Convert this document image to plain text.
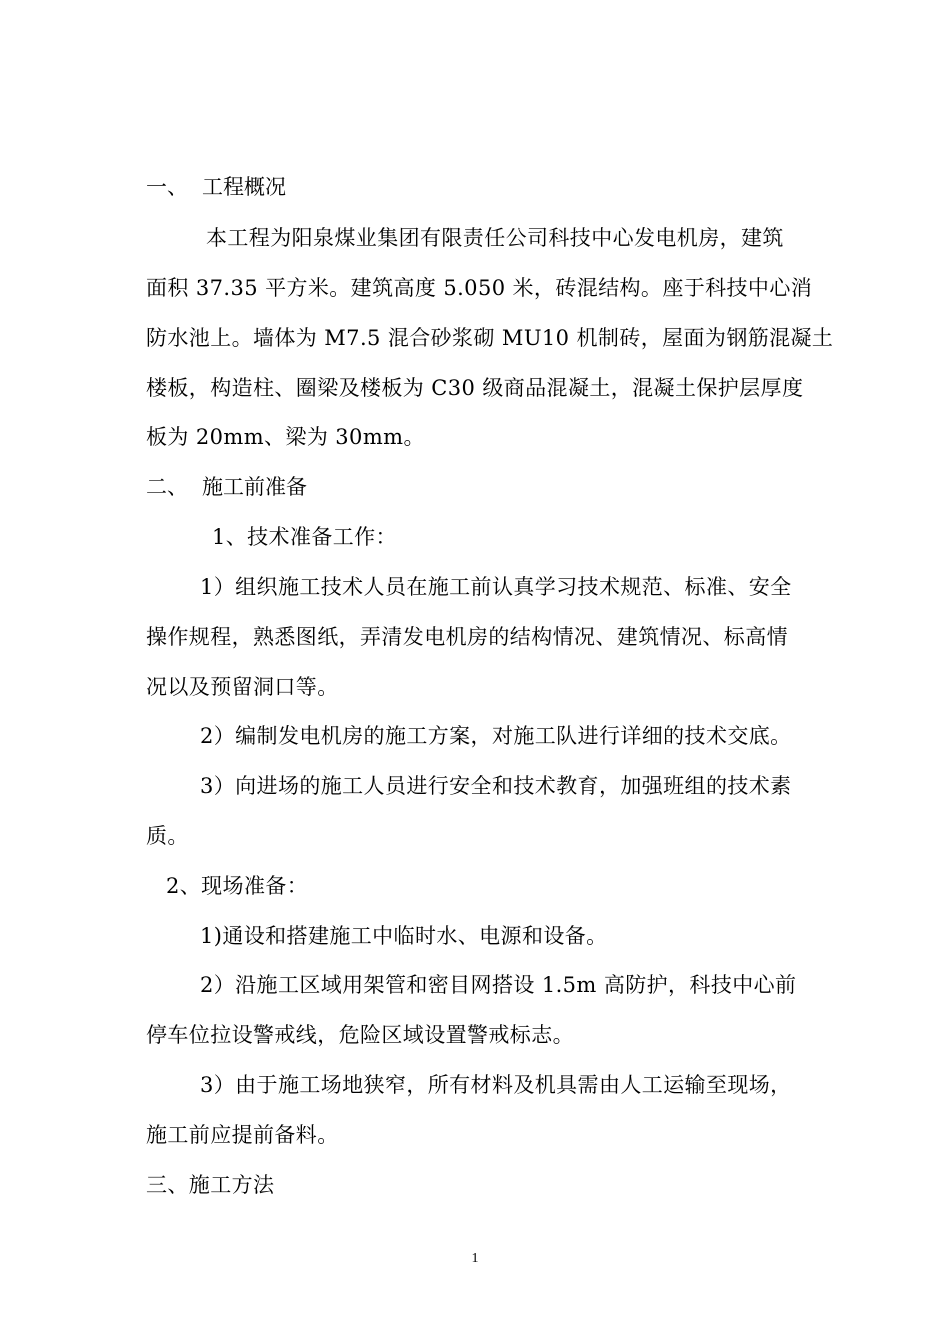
一、 工程概况
本工程为阳泉煤业集团有限责任公司科技中心发电机房，建筑
面积 37.35 平方米。建筑高度 5.050 米，砖混结构。座于科技中心消
防水池上。墙体为 M7.5 混合砂浆砌 MU10 机制砖，屋面为钢筋混凝土
楼板，构造柱、圈梁及楼板为 C30 级商品混凝土，混凝土保护层厚度
板为 20mm、梁为 30mm。
二、 施工前准备
1、技术准备工作：
1）组织施工技术人员在施工前认真学习技术规范、标准、安全
操作规程，熟悉图纸，弄清发电机房的结构情况、建筑情况、标高情
况以及预留洞口等。
2）编制发电机房的施工方案，对施工队进行详细的技术交底。
3）向进场的施工人员进行安全和技术教育，加强班组的技术素
质。
2、现场准备：
1)通设和搭建施工中临时水、电源和设备。
2）沿施工区域用架管和密目网搭设 1.5m 高防护，科技中心前
停车位拉设警戒线，危险区域设置警戒标志。
3）由于施工场地狭窄，所有材料及机具需由人工运输至现场，
施工前应提前备料。
三、施工方法
1
